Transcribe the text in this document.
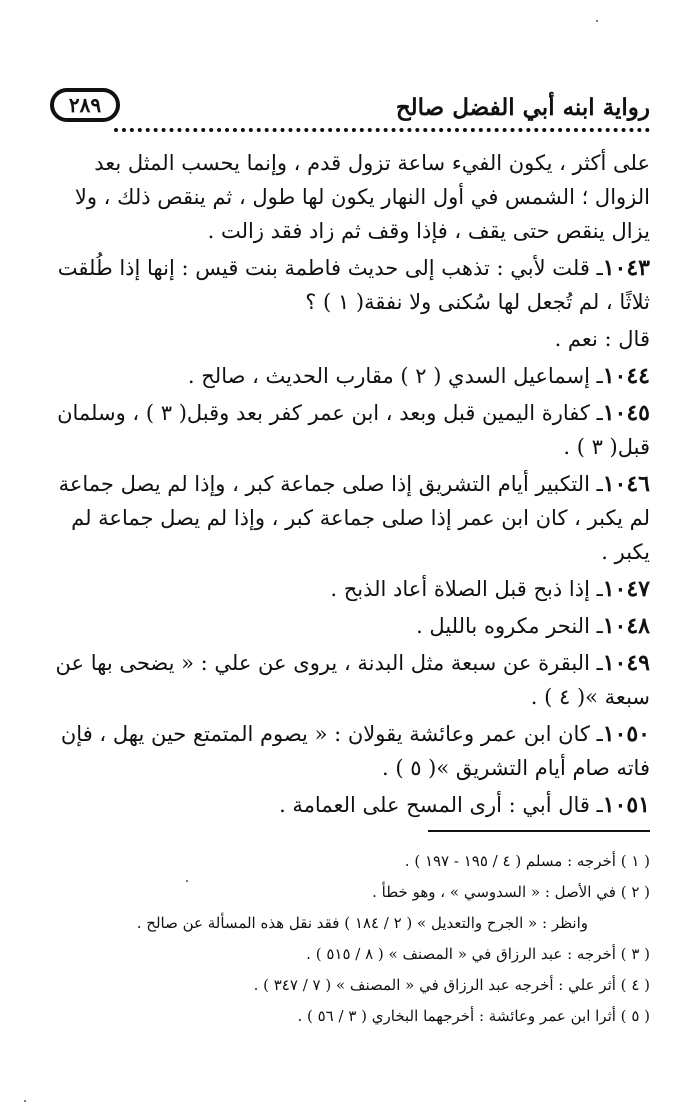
رواية ابنه أبي الفضل صالح
٢٨٩

على أكثر ، يكون الفيء ساعة تزول قدم ، وإنما يحسب المثل بعد الزوال ؛ الشمس في أول النهار يكون لها طول ، ثم ينقص ذلك ، ولا يزال ينقص حتى يقف ، فإذا وقف ثم زاد فقد زالت .

١٠٤٣ـ قلت لأبي : تذهب إلى حديث فاطمة بنت قيس : إنها إذا طُلقت ثلاثًا ، لم تُجعل لها سُكنى ولا نفقة( ١ ) ؟

قال : نعم .

١٠٤٤ـ إسماعيل السدي ( ٢ ) مقارب الحديث ، صالح .

١٠٤٥ـ كفارة اليمين قبل وبعد ، ابن عمر كفر بعد وقبل( ٣ ) ، وسلمان قبل( ٣ ) .

١٠٤٦ـ التكبير أيام التشريق إذا صلى جماعة كبر ، وإذا لم يصل جماعة لم يكبر ، كان ابن عمر إذا صلى جماعة كبر ، وإذا لم يصل جماعة لم يكبر .

١٠٤٧ـ إذا ذبح قبل الصلاة أعاد الذبح .

١٠٤٨ـ النحر مكروه بالليل .

١٠٤٩ـ البقرة عن سبعة مثل البدنة ، يروى عن علي : « يضحى بها عن سبعة »( ٤ ) .

١٠٥٠ـ كان ابن عمر وعائشة يقولان : « يصوم المتمتع حين يهل ، فإن فاته صام أيام التشريق »( ٥ ) .

١٠٥١ـ قال أبي : أرى المسح على العمامة .

( ١ ) أخرجه : مسلم ( ٤ / ١٩٥ - ١٩٧ ) .
( ٢ ) في الأصل : « السدوسي » ، وهو خطأ .
وانظر : « الجرح والتعديل » ( ٢ / ١٨٤ ) فقد نقل هذه المسألة عن صالح .
( ٣ ) أخرجه : عبد الرزاق في « المصنف » ( ٨ / ٥١٥ ) .
( ٤ ) أثر علي : أخرجه عبد الرزاق في « المصنف » ( ٧ / ٣٤٧ ) .
( ٥ ) أثرا ابن عمر وعائشة : أخرجهما البخاري ( ٣ / ٥٦ ) .
